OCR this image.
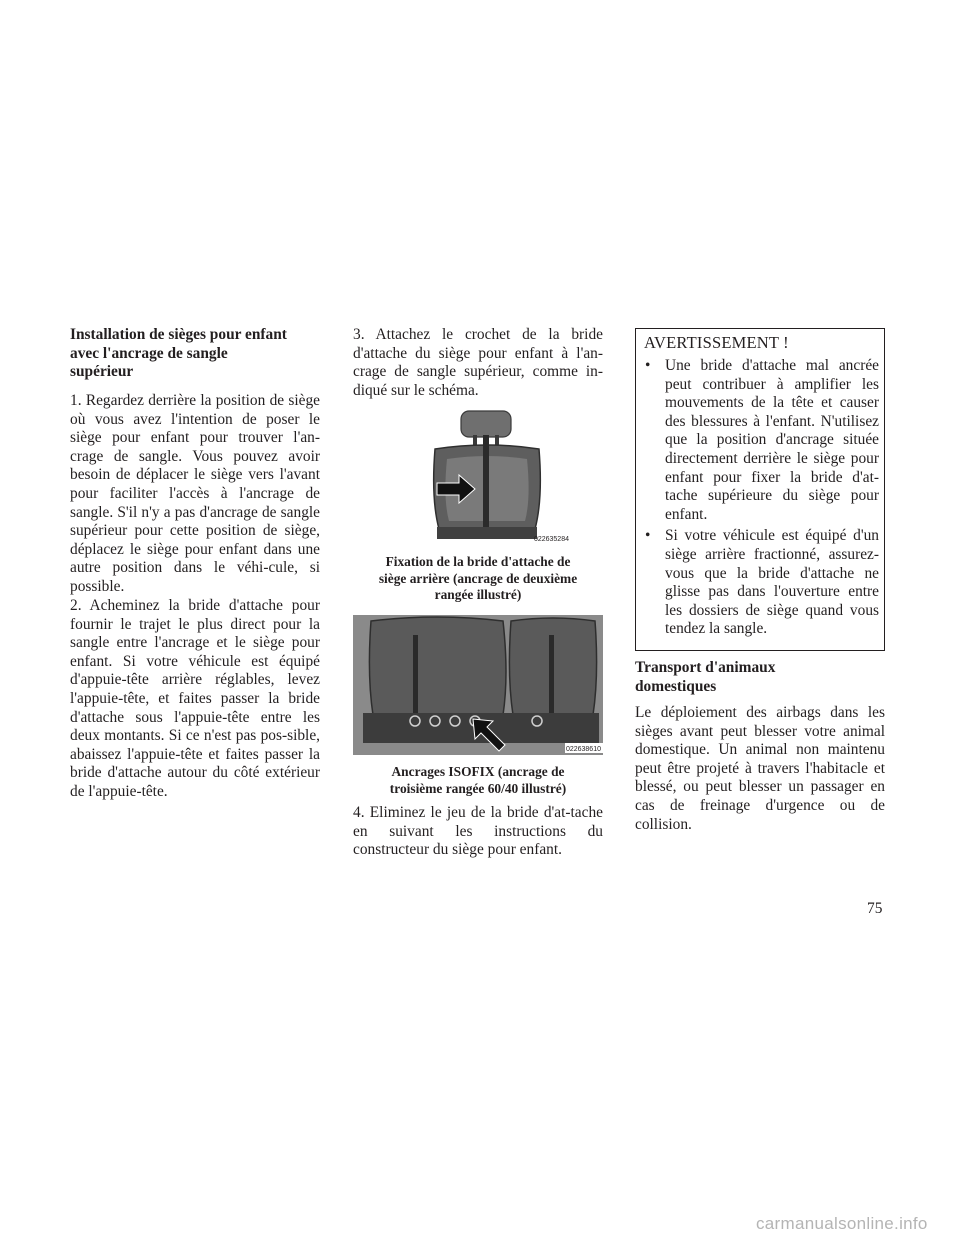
Installation de sièges pour enfant
avec l'ancrage de sangle
supérieur

1. Regardez derrière la position de siège où vous avez l'intention de poser le siège pour enfant pour trouver l'an-crage de sangle. Vous pouvez avoir besoin de déplacer le siège vers l'avant pour faciliter l'accès à l'ancrage de sangle. S'il n'y a pas d'ancrage de sangle supérieur pour cette position de siège, déplacez le siège pour enfant dans une autre position dans le véhi-cule, si possible.

2. Acheminez la bride d'attache pour fournir le trajet le plus direct pour la sangle entre l'ancrage et le siège pour enfant. Si votre véhicule est équipé d'appuie-tête arrière réglables, levez l'appuie-tête, et faites passer la bride d'attache sous l'appuie-tête entre les deux montants. Si ce n'est pas pos-sible, abaissez l'appuie-tête et faites passer la bride d'attache autour du côté extérieur de l'appuie-tête.

3. Attachez le crochet de la bride d'attache du siège pour enfant à l'an-crage de sangle supérieur, comme in-diqué sur le schéma.

022635284
Fixation de la bride d'attache de
siège arrière (ancrage de deuxième
rangée illustré)
022638610
Ancrages ISOFIX (ancrage de
troisième rangée 60/40 illustré)

4. Eliminez le jeu de la bride d'at-tache en suivant les instructions du constructeur du siège pour enfant.

AVERTISSEMENT !
• Une bride d'attache mal ancrée peut contribuer à amplifier les mouvements de la tête et causer des blessures à l'enfant. N'utilisez que la position d'ancrage située directement derrière le siège pour enfant pour fixer la bride d'at-tache supérieure du siège pour enfant.
• Si votre véhicule est équipé d'un siège arrière fractionné, assurez-vous que la bride d'attache ne glisse pas dans l'ouverture entre les dossiers de siège quand vous tendez la sangle.
Transport d'animaux
domestiques

Le déploiement des airbags dans les sièges avant peut blesser votre animal domestique. Un animal non maintenu peut être projeté à travers l'habitacle et blessé, ou peut blesser un passager en cas de freinage d'urgence ou de collision.

75
carmanualsonline.info
